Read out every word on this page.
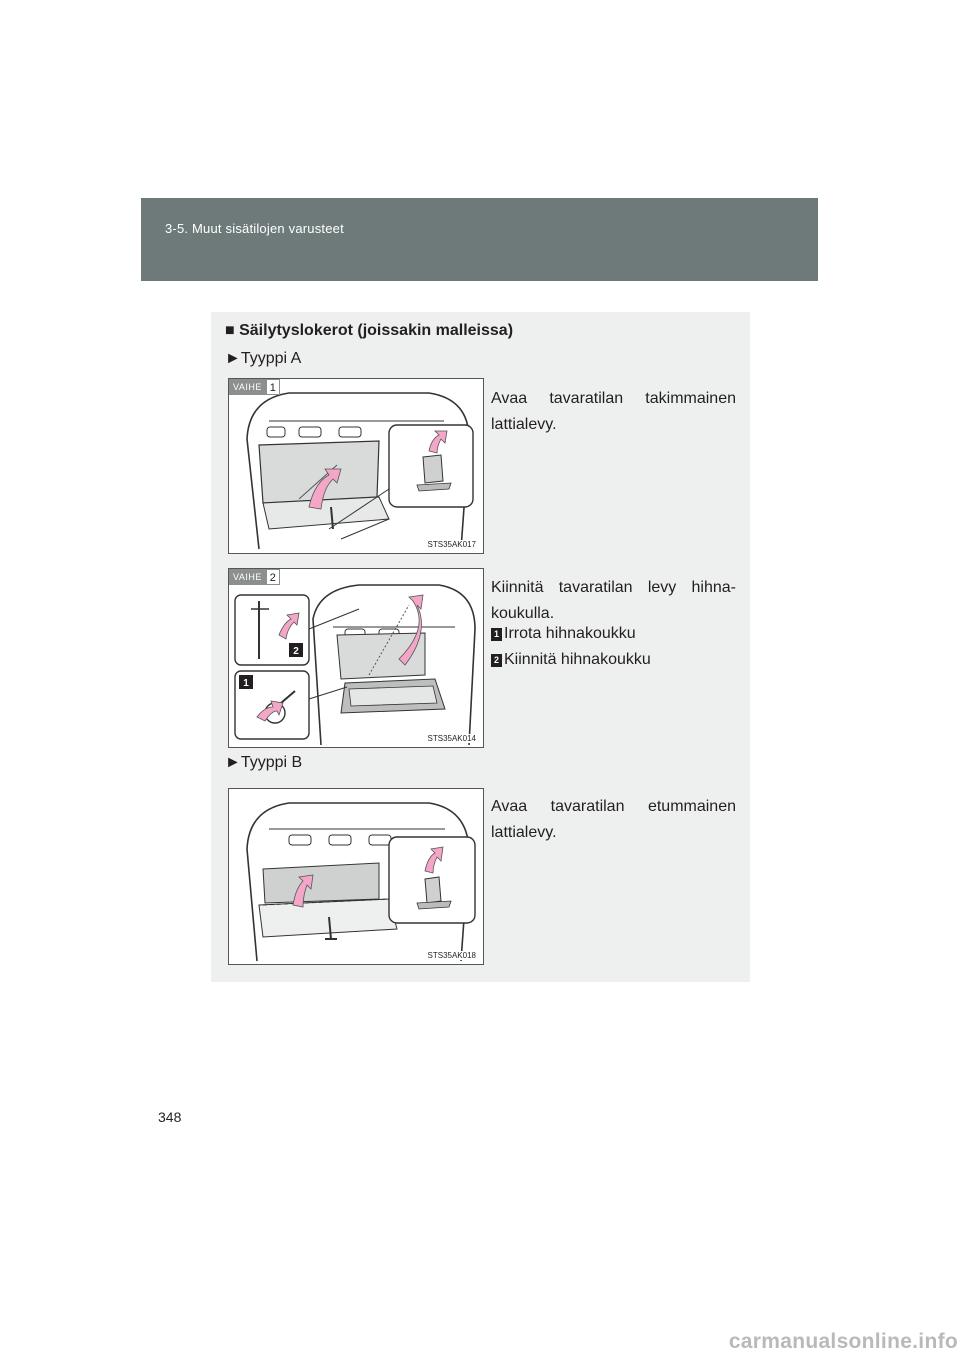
3-5. Muut sisätilojen varusteet
■ Säilytyslokerot (joissakin malleissa)
►Tyyppi A
VAIHE 1
STS35AK017
Avaa tavaratilan takimmainen lattialevy.
2
1
VAIHE 2
STS35AK014
Kiinnitä tavaratilan levy hihna-koukulla.
1 Irrota hihnakoukku
2 Kiinnitä hihnakoukku
►Tyyppi B
STS35AK018
Avaa tavaratilan etummainen lattialevy.
348
carmanualsonline.info
